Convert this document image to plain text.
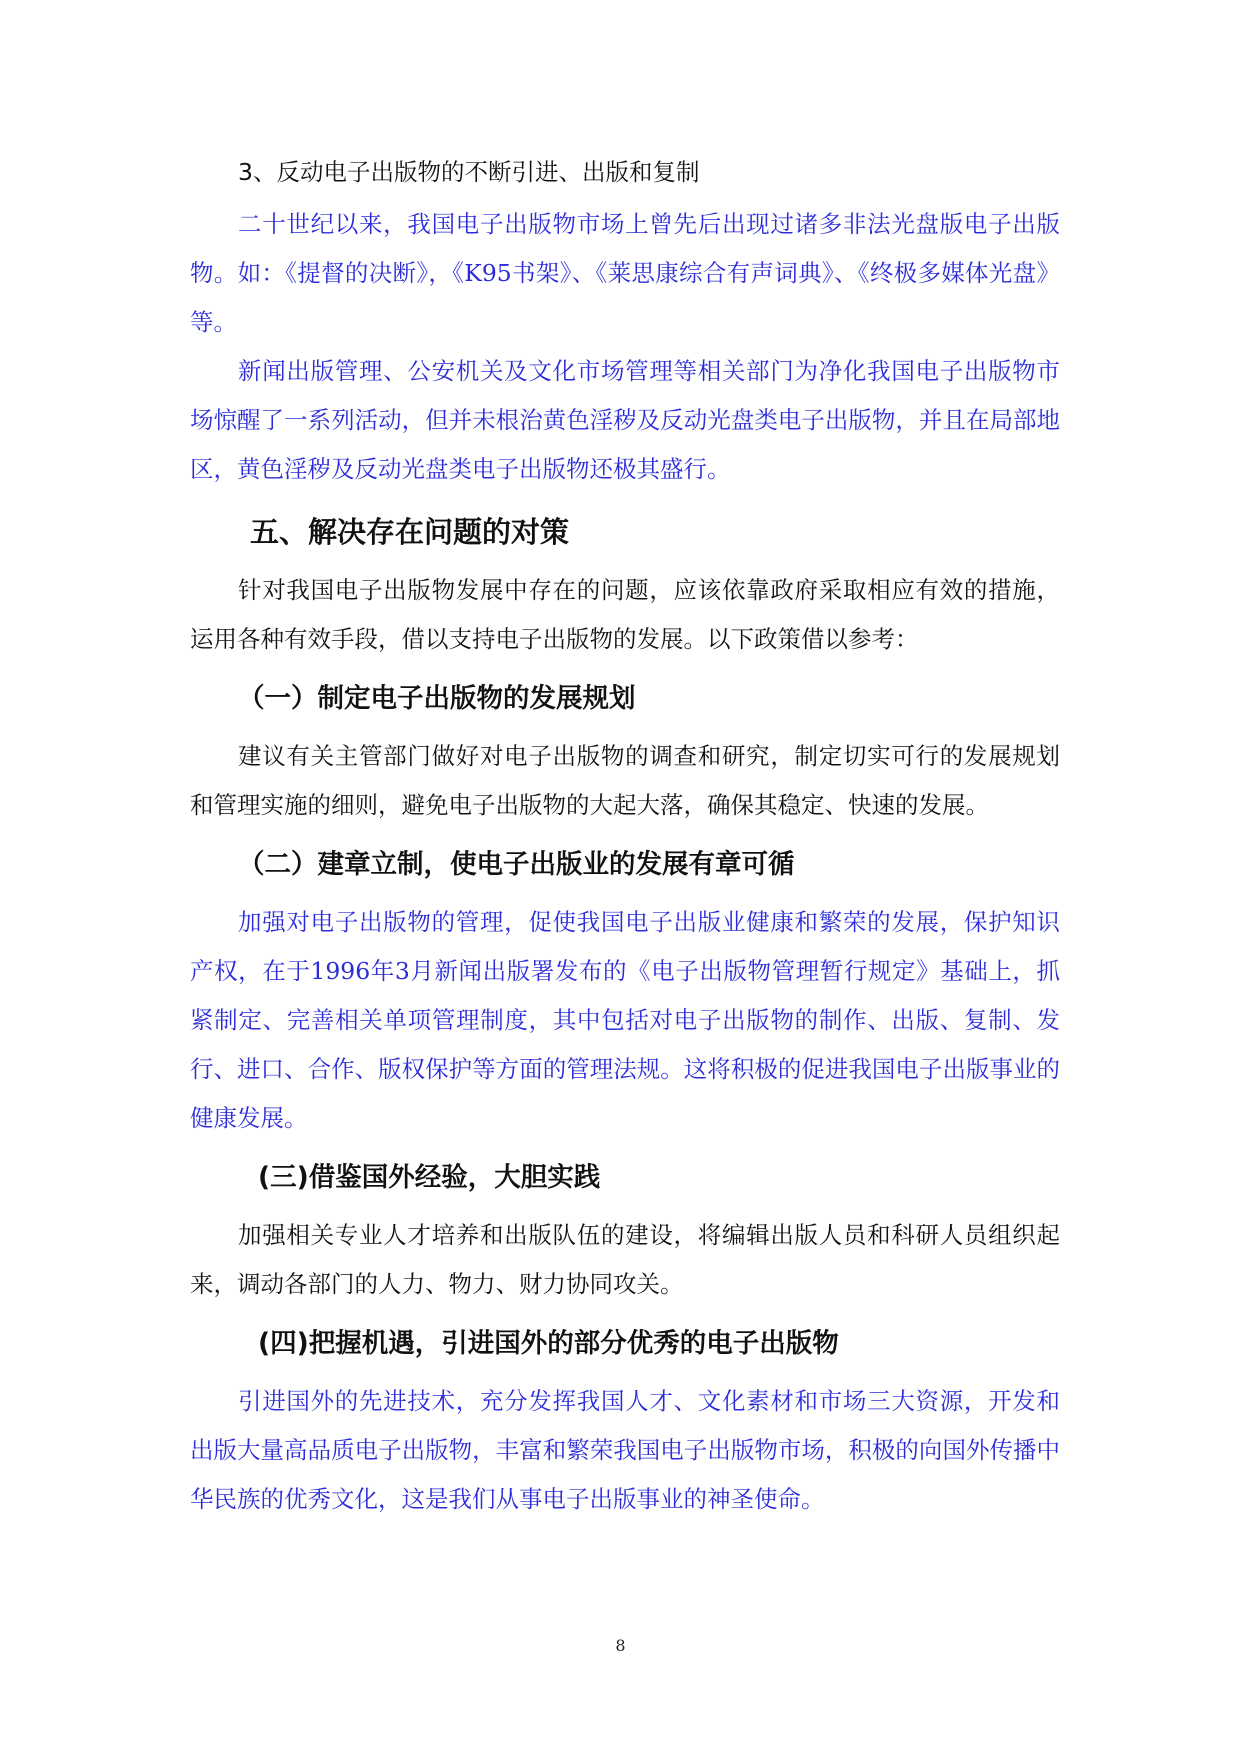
3、反动电子出版物的不断引进、出版和复制

二十世纪以来，我国电子出版物市场上曾先后出现过诸多非法光盘版电子出版物。如：《提督的决断》，《K95书架》、《莱思康综合有声词典》、《终极多媒体光盘》等。

新闻出版管理、公安机关及文化市场管理等相关部门为净化我国电子出版物市场惊醒了一系列活动，但并未根治黄色淫秽及反动光盘类电子出版物，并且在局部地区，黄色淫秽及反动光盘类电子出版物还极其盛行。

五、解决存在问题的对策

针对我国电子出版物发展中存在的问题，应该依靠政府采取相应有效的措施，运用各种有效手段，借以支持电子出版物的发展。以下政策借以参考：

（一）制定电子出版物的发展规划

建议有关主管部门做好对电子出版物的调查和研究，制定切实可行的发展规划和管理实施的细则，避免电子出版物的大起大落，确保其稳定、快速的发展。

（二）建章立制，使电子出版业的发展有章可循

加强对电子出版物的管理，促使我国电子出版业健康和繁荣的发展，保护知识产权，在于1996年3月新闻出版署发布的《电子出版物管理暂行规定》基础上，抓紧制定、完善相关单项管理制度，其中包括对电子出版物的制作、出版、复制、发行、进口、合作、版权保护等方面的管理法规。这将积极的促进我国电子出版事业的健康发展。

(三)借鉴国外经验，大胆实践

加强相关专业人才培养和出版队伍的建设，将编辑出版人员和科研人员组织起来，调动各部门的人力、物力、财力协同攻关。

(四)把握机遇，引进国外的部分优秀的电子出版物

引进国外的先进技术，充分发挥我国人才、文化素材和市场三大资源，开发和出版大量高品质电子出版物，丰富和繁荣我国电子出版物市场，积极的向国外传播中华民族的优秀文化，这是我们从事电子出版事业的神圣使命。

8
